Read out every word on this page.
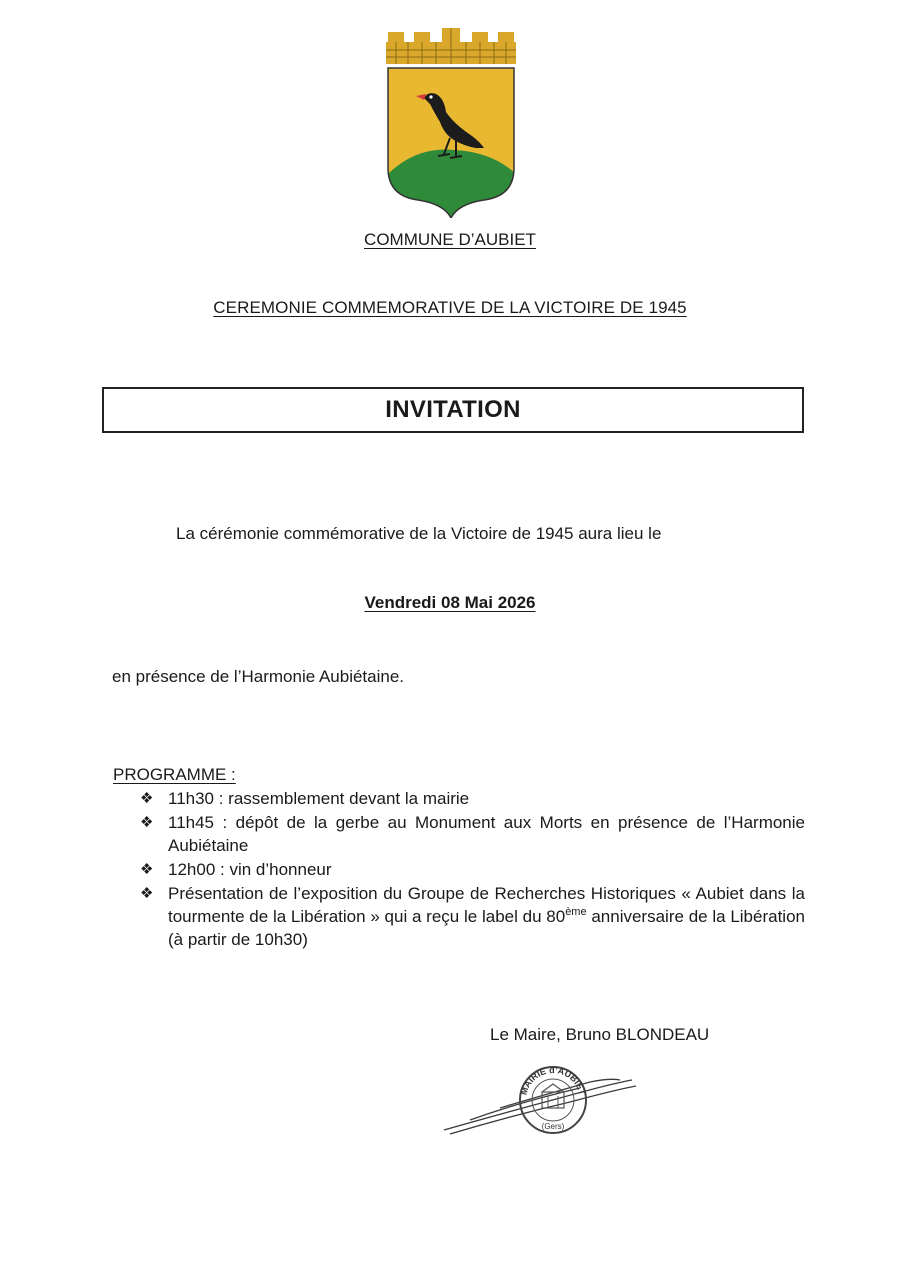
COMMUNE D’AUBIET
CEREMONIE COMMEMORATIVE DE LA VICTOIRE DE 1945
INVITATION
La cérémonie commémorative de la Victoire de 1945 aura lieu le
Vendredi 08 Mai 2026
en présence de l’Harmonie Aubiétaine.
PROGRAMME :
❖ 11h30 : rassemblement devant la mairie
❖ 11h45 : dépôt de la gerbe au Monument aux Morts en présence de l’Harmonie Aubiétaine
❖ 12h00 : vin d’honneur
❖ Présentation de l’exposition du Groupe de Recherches Historiques « Aubiet dans la tourmente de la Libération » qui a reçu le label du 80ème anniversaire de la Libération (à partir de 10h30)
Le Maire, Bruno BLONDEAU
MAIRIE d’AUBIET
(Gers)
